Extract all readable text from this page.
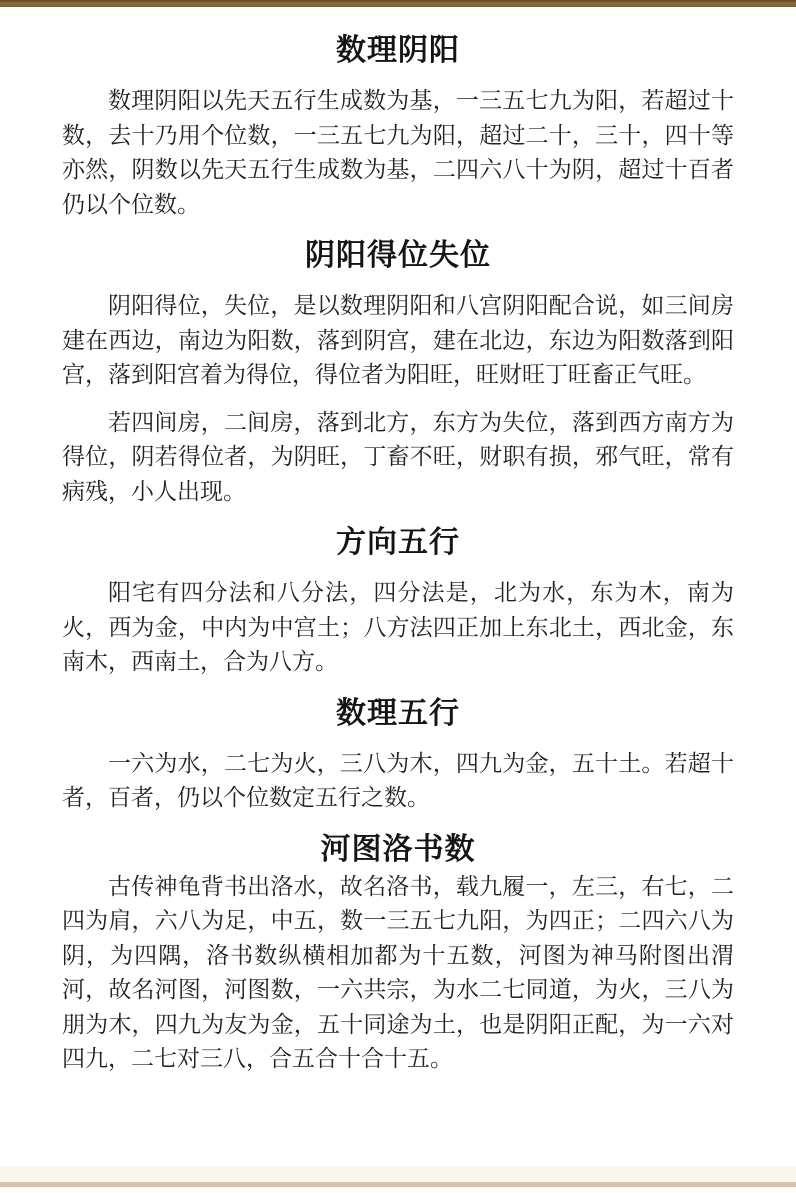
数理阴阳

数理阴阳以先天五行生成数为基，一三五七九为阳，若超过十数，去十乃用个位数，一三五七九为阳，超过二十，三十，四十等亦然，阴数以先天五行生成数为基，二四六八十为阴，超过十百者仍以个位数。

阴阳得位失位

阴阳得位，失位，是以数理阴阳和八宫阴阳配合说，如三间房建在西边，南边为阳数，落到阴宫，建在北边，东边为阳数落到阳宫，落到阳宫着为得位，得位者为阳旺，旺财旺丁旺畜正气旺。

若四间房，二间房，落到北方，东方为失位，落到西方南方为得位，阴若得位者，为阴旺，丁畜不旺，财职有损，邪气旺，常有病残，小人出现。

方向五行

阳宅有四分法和八分法，四分法是，北为水，东为木，南为火，西为金，中内为中宫土；八方法四正加上东北土，西北金，东南木，西南土，合为八方。

数理五行

一六为水，二七为火，三八为木，四九为金，五十土。若超十者，百者，仍以个位数定五行之数。

河图洛书数

古传神龟背书出洛水，故名洛书，载九履一，左三，右七，二四为肩，六八为足，中五，数一三五七九阳，为四正；二四六八为阴，为四隅，洛书数纵横相加都为十五数，河图为神马附图出渭河，故名河图，河图数，一六共宗，为水二七同道，为火，三八为朋为木，四九为友为金，五十同途为土，也是阴阳正配，为一六对四九，二七对三八，合五合十合十五。
